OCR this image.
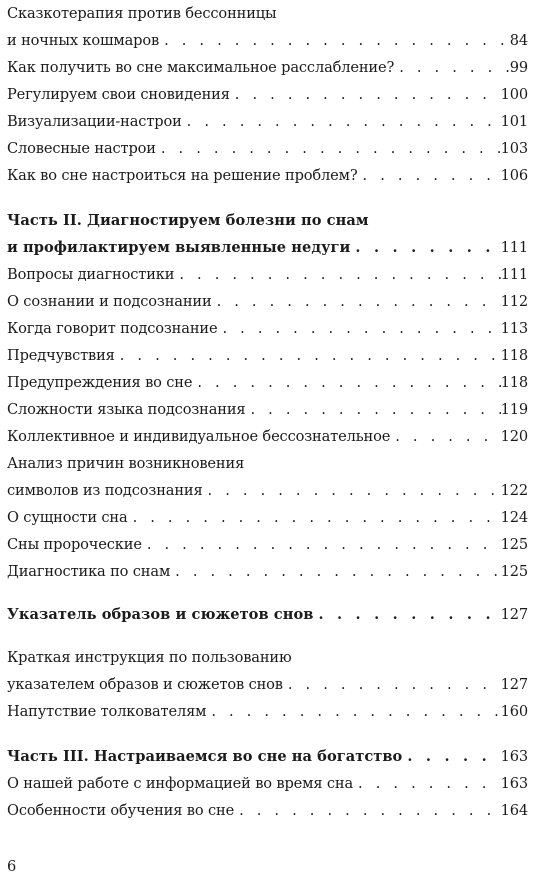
Сказкотерапия против бессонницы
и ночных кошмаров . . .	84
Как получить во сне максимальное расслабление? . . .	99
Регулируем свои сновидения . . .	100
Визуализации-настрои . . .	101
Словесные настрои . . .	103
Как во сне настроиться на решение проблем? . . .	106
Часть II. Диагностируем болезни по снам
и профилактируем выявленные недуги . . .	111
Вопросы диагностики . . .	111
О сознании и подсознании . . .	112
Когда говорит подсознание . . .	113
Предчувствия . . .	118
Предупреждения во сне . . .	118
Сложности языка подсознания . . .	119
Коллективное и индивидуальное бессознательное . . .	120
Анализ причин возникновения
символов из подсознания . . .	122
О сущности сна . . .	124
Сны пророческие . . .	125
Диагностика по снам . . .	125
Указатель образов и сюжетов снов . . .	127
Краткая инструкция по пользованию
указателем образов и сюжетов снов . . .	127
Напутствие толкователям . . .	160
Часть III. Настраиваемся во сне на богатство . . .	163
О нашей работе с информацией во время сна . . .	163
Особенности обучения во сне . . .	164
6
